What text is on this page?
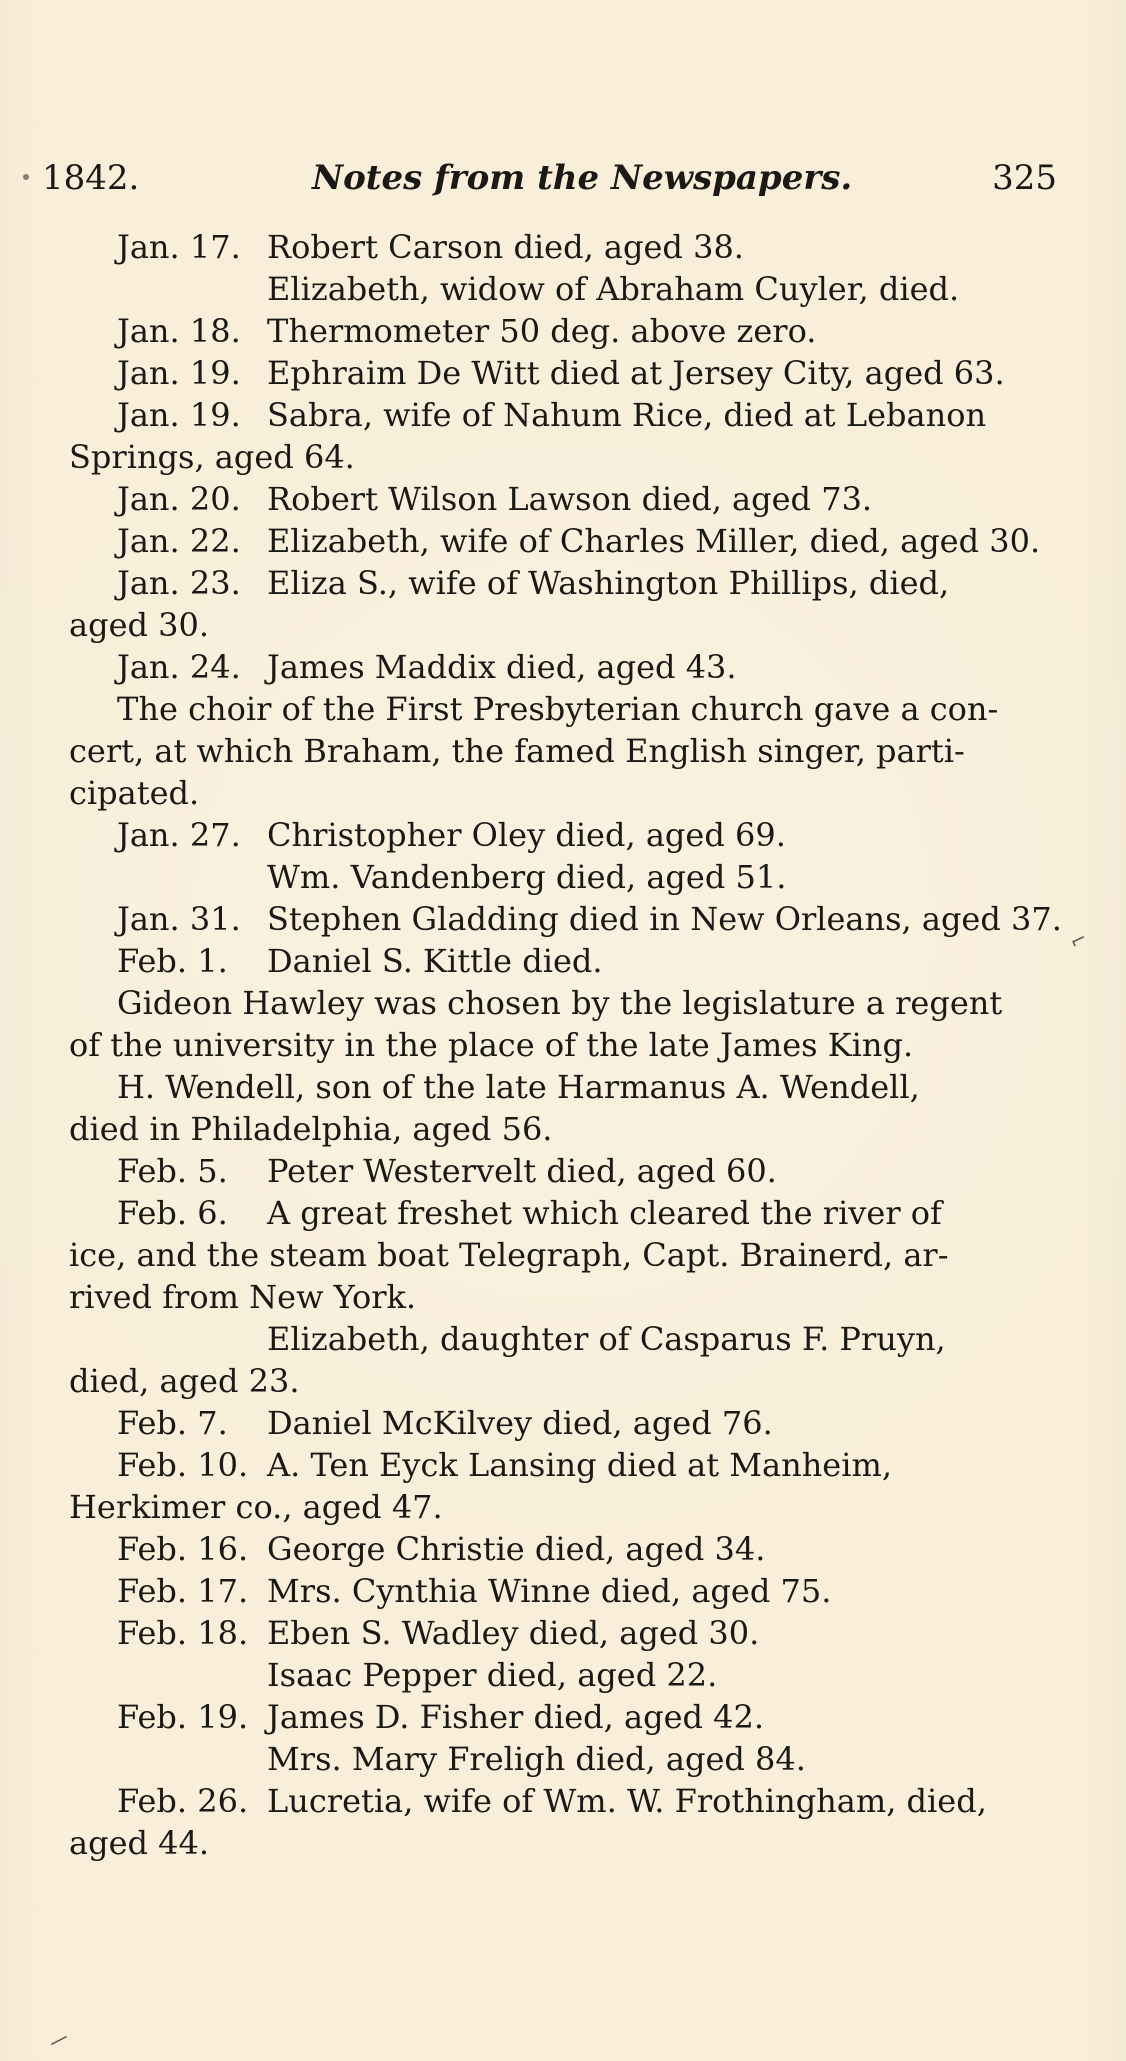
1842.	Notes from the Newspapers.	325
Jan. 17. Robert Carson died, aged 38.
Elizabeth, widow of Abraham Cuyler, died.
Jan. 18. Thermometer 50 deg. above zero.
Jan. 19. Ephraim De Witt died at Jersey City, aged 63.
Jan. 19. Sabra, wife of Nahum Rice, died at Lebanon
Springs, aged 64.
Jan. 20. Robert Wilson Lawson died, aged 73.
Jan. 22. Elizabeth, wife of Charles Miller, died, aged 30.
Jan. 23. Eliza S., wife of Washington Phillips, died,
aged 30.
Jan. 24. James Maddix died, aged 43.
The choir of the First Presbyterian church gave a con-
cert, at which Braham, the famed English singer, parti-
cipated.
Jan. 27. Christopher Oley died, aged 69.
Wm. Vandenberg died, aged 51.
Jan. 31. Stephen Gladding died in New Orleans, aged 37.
Feb. 1. Daniel S. Kittle died.
Gideon Hawley was chosen by the legislature a regent
of the university in the place of the late James King.
H. Wendell, son of the late Harmanus A. Wendell,
died in Philadelphia, aged 56.
Feb. 5. Peter Westervelt died, aged 60.
Feb. 6. A great freshet which cleared the river of
ice, and the steam boat Telegraph, Capt. Brainerd, ar-
rived from New York.
Elizabeth, daughter of Casparus F. Pruyn,
died, aged 23.
Feb. 7. Daniel McKilvey died, aged 76.
Feb. 10. A. Ten Eyck Lansing died at Manheim,
Herkimer co., aged 47.
Feb. 16. George Christie died, aged 34.
Feb. 17. Mrs. Cynthia Winne died, aged 75.
Feb. 18. Eben S. Wadley died, aged 30.
Isaac Pepper died, aged 22.
Feb. 19. James D. Fisher died, aged 42.
Mrs. Mary Freligh died, aged 84.
Feb. 26. Lucretia, wife of Wm. W. Frothingham, died,
aged 44.
⌐
/
